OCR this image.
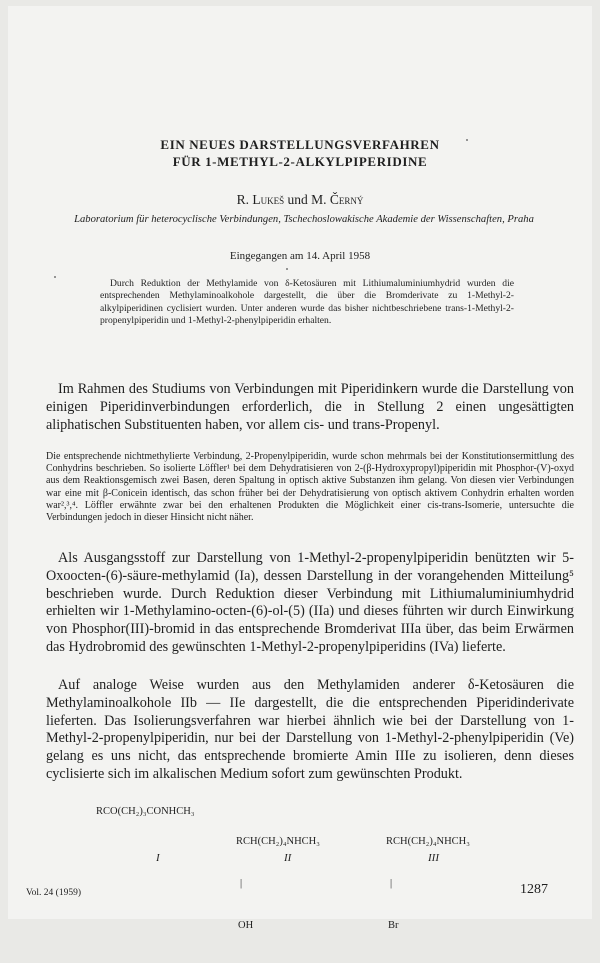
EIN NEUES DARSTELLUNGSVERFAHREN
FÜR 1-METHYL-2-ALKYLPIPERIDINE
R. Lukeš und M. Černý
Laboratorium für heterocyclische Verbindungen, Tschechoslowakische Akademie der Wissenschaften, Praha
Eingegangen am 14. April 1958
Durch Reduktion der Methylamide von δ-Ketosäuren mit Lithiumaluminiumhydrid wurden die entsprechenden Methylaminoalkohole dargestellt, die über die Bromderivate zu 1-Methyl-2-alkylpiperidinen cyclisiert wurden. Unter anderen wurde das bisher nichtbeschriebene trans-1-Methyl-2-propenylpiperidin und 1-Methyl-2-phenylpiperidin erhalten.
Im Rahmen des Studiums von Verbindungen mit Piperidinkern wurde die Darstellung von einigen Piperidinverbindungen erforderlich, die in Stellung 2 einen ungesättigten aliphatischen Substituenten haben, vor allem cis- und trans-Propenyl.
Die entsprechende nichtmethylierte Verbindung, 2-Propenylpiperidin, wurde schon mehrmals bei der Konstitutionsermittlung des Conhydrins beschrieben. So isolierte Löffler¹ bei dem Dehydratisieren von 2-(β-Hydroxypropyl)piperidin mit Phosphor-(V)-oxyd aus dem Reaktionsgemisch zwei Basen, deren Spaltung in optisch aktive Substanzen ihm gelang. Von diesen vier Verbindungen war eine mit β-Conicein identisch, das schon früher bei der Dehydratisierung von optisch aktivem Conhydrin erhalten worden war²,³,⁴. Löffler erwähnte zwar bei den erhaltenen Produkten die Möglichkeit einer cis-trans-Isomerie, untersuchte die Verbindungen jedoch in dieser Hinsicht nicht näher.
Als Ausgangsstoff zur Darstellung von 1-Methyl-2-propenylpiperidin benützten wir 5-Oxoocten-(6)-säure-methylamid (Ia), dessen Darstellung in der vorangehenden Mitteilung⁵ beschrieben wurde. Durch Reduktion dieser Verbindung mit Lithiumaluminiumhydrid erhielten wir 1-Methylamino-octen-(6)-ol-(5) (IIa) und dieses führten wir durch Einwirkung von Phosphor(III)-bromid in das entsprechende Bromderivat IIIa über, das beim Erwärmen das Hydrobromid des gewünschten 1-Methyl-2-propenylpiperidins (IVa) lieferte.
Auf analoge Weise wurden aus den Methylamiden anderer δ-Ketosäuren die Methylaminoalkohole IIb — IIe dargestellt, die die entsprechenden Piperidinderivate lieferten. Das Isolierungsverfahren war hierbei ähnlich wie bei der Darstellung von 1-Methyl-2-propenylpiperidin, nur bei der Darstellung von 1-Methyl-2-phenylpiperidin (Ve) gelang es uns nicht, das entsprechende bromierte Amin IIIe zu isolieren, denn dieses cyclisierte sich im alkalischen Medium sofort zum gewünschten Produkt.
RCO(CH₂)₃CONHCH₃

RCH(CH₂)₄NHCH₃

|

OH

RCH(CH₂)₄NHCH₃

|

Br

I	II	III
Vol. 24 (1959)	1287
